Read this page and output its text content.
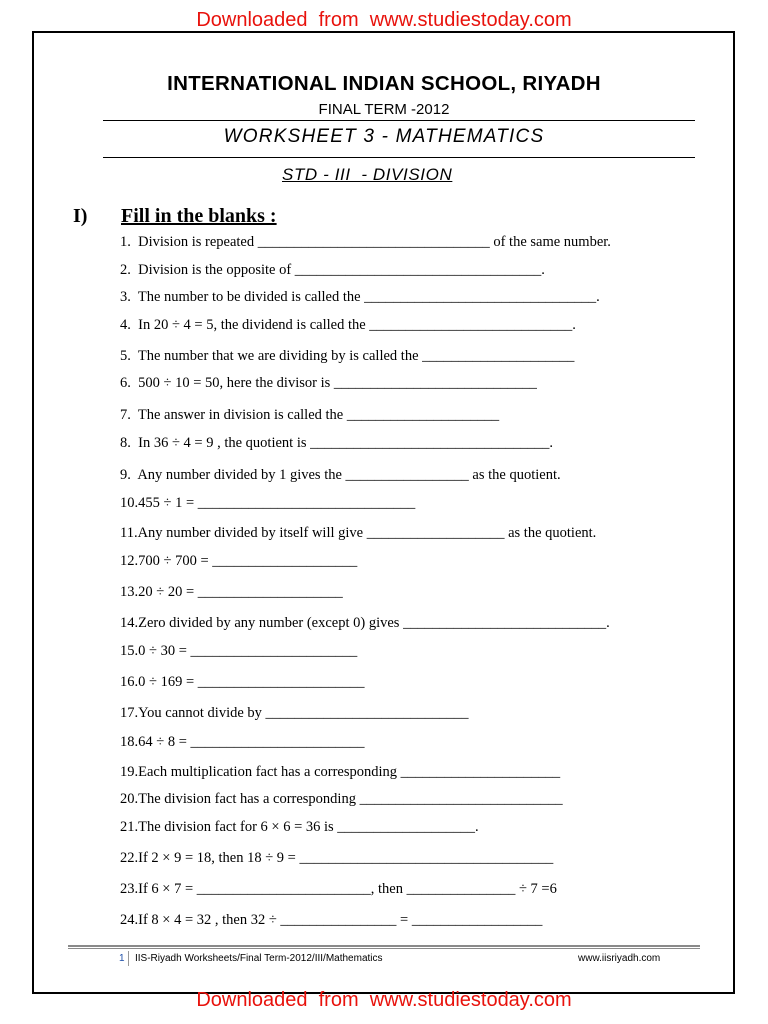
Downloaded  from  www.studiestoday.com
INTERNATIONAL INDIAN SCHOOL, RIYADH
FINAL TERM -2012
WORKSHEET 3 - MATHEMATICS
STD - III  - DIVISION
I) Fill in the blanks :
1.  Division is repeated ________________________________ of the same number.
2.  Division is the opposite of __________________________________.
3.  The number to be divided is called the ________________________________.
4.  In 20 ÷ 4 = 5, the dividend is called the ____________________________.
5.  The number that we are dividing by is called the _____________________
6.  500 ÷ 10 = 50, here the divisor is ____________________________
7.  The answer in division is called the _____________________
8.  In 36 ÷ 4 = 9 , the quotient is _________________________________.
9.  Any number divided by 1 gives the _________________ as the quotient.
10.455 ÷ 1 = ______________________________
11.Any number divided by itself will give ___________________ as the quotient.
12.700 ÷ 700 = ____________________
13.20 ÷ 20 = ____________________
14.Zero divided by any number (except 0) gives ____________________________.
15.0 ÷ 30 = _______________________
16.0 ÷ 169 = _______________________
17.You cannot divide by ____________________________
18.64 ÷ 8 = ________________________
19.Each multiplication fact has a corresponding ______________________
20.The division fact has a corresponding ____________________________
21.The division fact for 6 × 6 = 36 is ___________________.
22.If 2 × 9 = 18, then 18 ÷ 9 = ___________________________________
23.If 6 × 7 = ________________________, then _______________ ÷ 7 =6
24.If 8 × 4 = 32 , then 32 ÷ ________________ = __________________
1 IIS-Riyadh Worksheets/Final Term-2012/III/Mathematics	www.iisriyadh.com
Downloaded  from  www.studiestoday.com
